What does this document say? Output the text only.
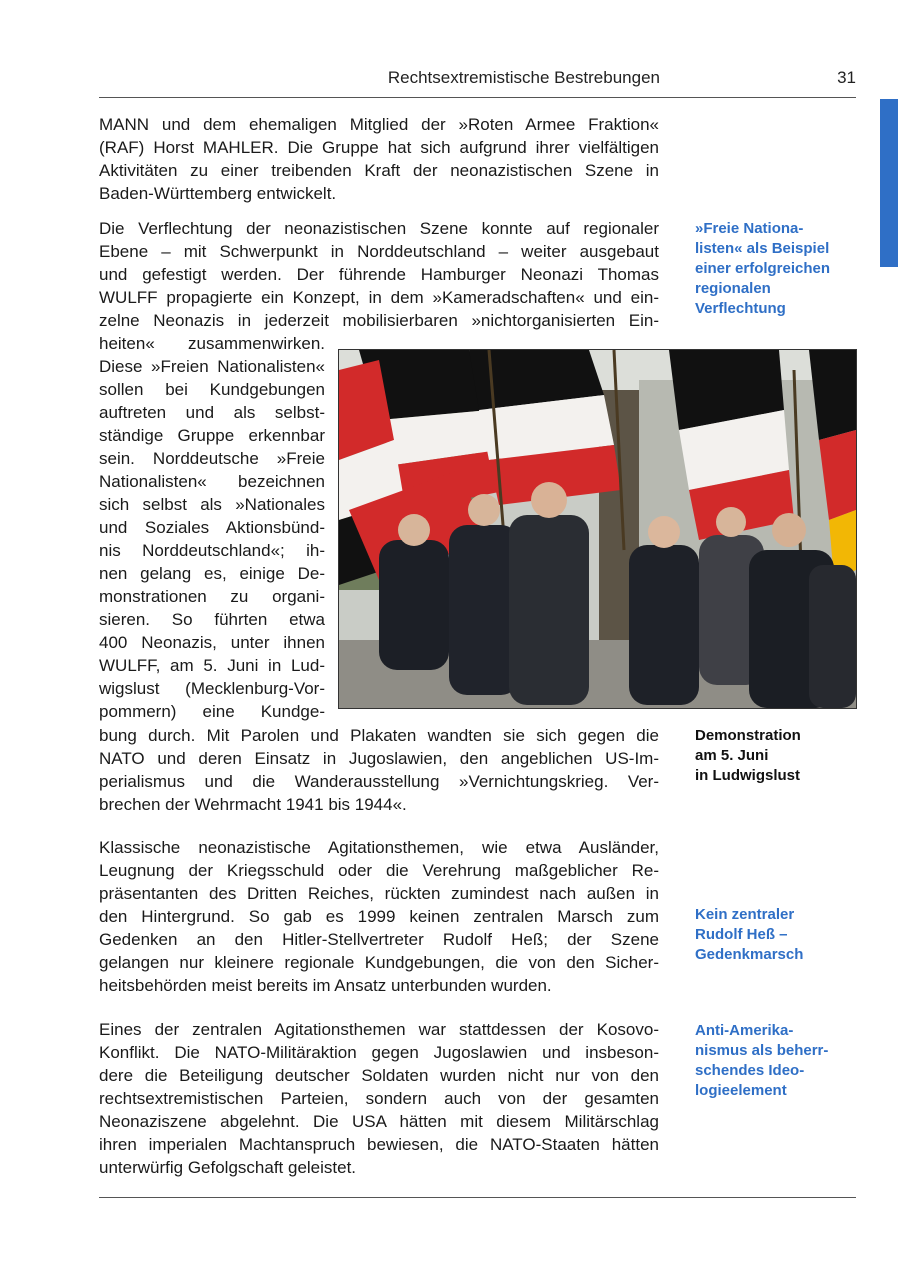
Rechtsextremistische Bestrebungen	31
MANN und dem ehemaligen Mitglied der »Roten Armee Fraktion«
(RAF) Horst MAHLER. Die Gruppe hat sich aufgrund ihrer vielfältigen
Aktivitäten zu einer treibenden Kraft der neonazistischen Szene in
Baden-Württemberg entwickelt.
Die Verflechtung der neonazistischen Szene konnte auf regionaler
Ebene – mit Schwerpunkt in Norddeutschland – weiter ausgebaut
und gefestigt werden. Der führende Hamburger Neonazi Thomas
WULFF propagierte ein Konzept, in dem »Kameradschaften« und ein-
zelne Neonazis in jederzeit mobilisierbaren »nichtorganisierten Ein-
heiten« zusammenwirken.
Diese »Freien Nationalisten«
sollen bei Kundgebungen
auftreten und als selbst-
ständige Gruppe erkennbar
sein. Norddeutsche »Freie
Nationalisten« bezeichnen
sich selbst als »Nationales
und Soziales Aktionsbünd-
nis Norddeutschland«; ih-
nen gelang es, einige De-
monstrationen zu organi-
sieren. So führten etwa
400 Neonazis, unter ihnen
WULFF, am 5. Juni in Lud-
wigslust (Mecklenburg-Vor-
pommern) eine Kundge-
bung durch. Mit Parolen und Plakaten wandten sie sich gegen die
NATO und deren Einsatz in Jugoslawien, den angeblichen US-Im-
perialismus und die Wanderausstellung »Vernichtungskrieg. Ver-
brechen der Wehrmacht 1941 bis 1944«.
Klassische neonazistische Agitationsthemen, wie etwa Ausländer,
Leugnung der Kriegsschuld oder die Verehrung maßgeblicher Re-
präsentanten des Dritten Reiches, rückten zumindest nach außen in
den Hintergrund. So gab es 1999 keinen zentralen Marsch zum
Gedenken an den Hitler-Stellvertreter Rudolf Heß; der Szene
gelangen nur kleinere regionale Kundgebungen, die von den Sicher-
heitsbehörden meist bereits im Ansatz unterbunden wurden.
Eines der zentralen Agitationsthemen war stattdessen der Kosovo-
Konflikt. Die NATO-Militäraktion gegen Jugoslawien und insbeson-
dere die Beteiligung deutscher Soldaten wurden nicht nur von den
rechtsextremistischen Parteien, sondern auch von der gesamten
Neonaziszene abgelehnt. Die USA hätten mit diesem Militärschlag
ihren imperialen Machtanspruch bewiesen, die NATO-Staaten hätten
unterwürfig Gefolgschaft geleistet.
»Freie Nationa-
listen« als Beispiel
einer erfolgreichen
regionalen
Verflechtung
Demonstration
am 5. Juni
in Ludwigslust
Kein zentraler
Rudolf Heß –
Gedenkmarsch
Anti-Amerika-
nismus als beherr-
schendes Ideo-
logieelement
